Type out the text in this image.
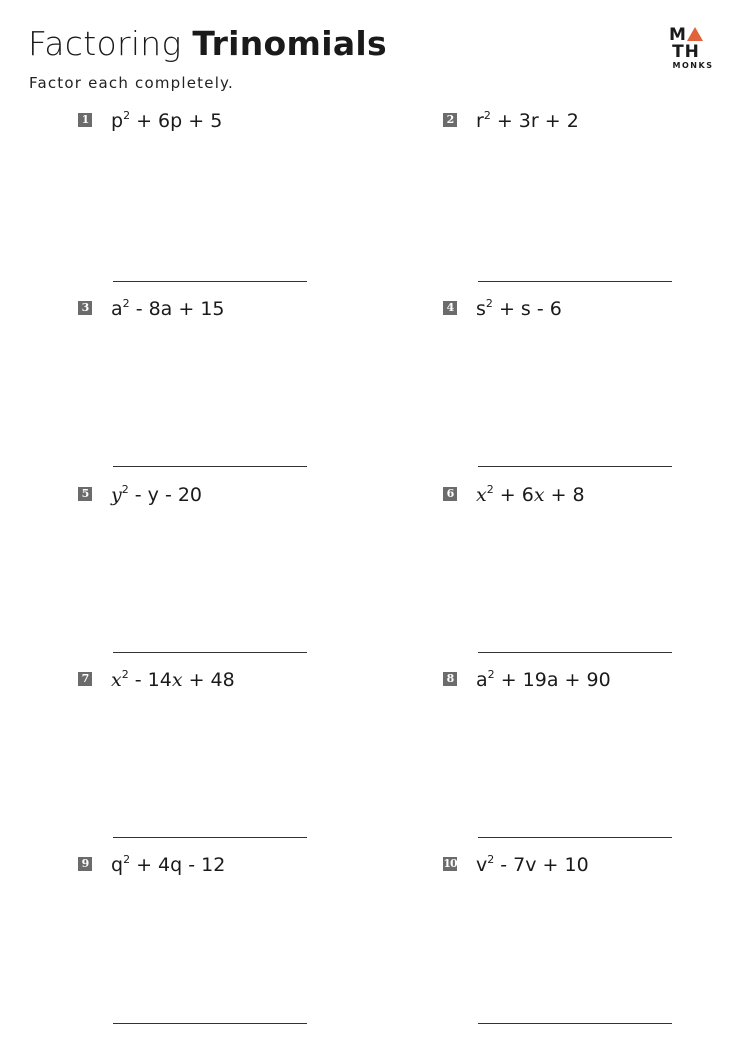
Factoring Trinomials
Factor each completely.
MTH
MONKS
1 $p^2 + 6p + 5$	2 $r^2 + 3r + 2$
3 $a^2 - 8a + 15$	4 $s^2 + s - 6$
5 $y^2$ - y - 20	6 $x^2 + 6x + 8$
7 $x^2 - 14x + 48$	8 $a^2 + 19a + 90$
9 $q^2 + 4q - 12$	10 $v^2 - 7v + 10$
